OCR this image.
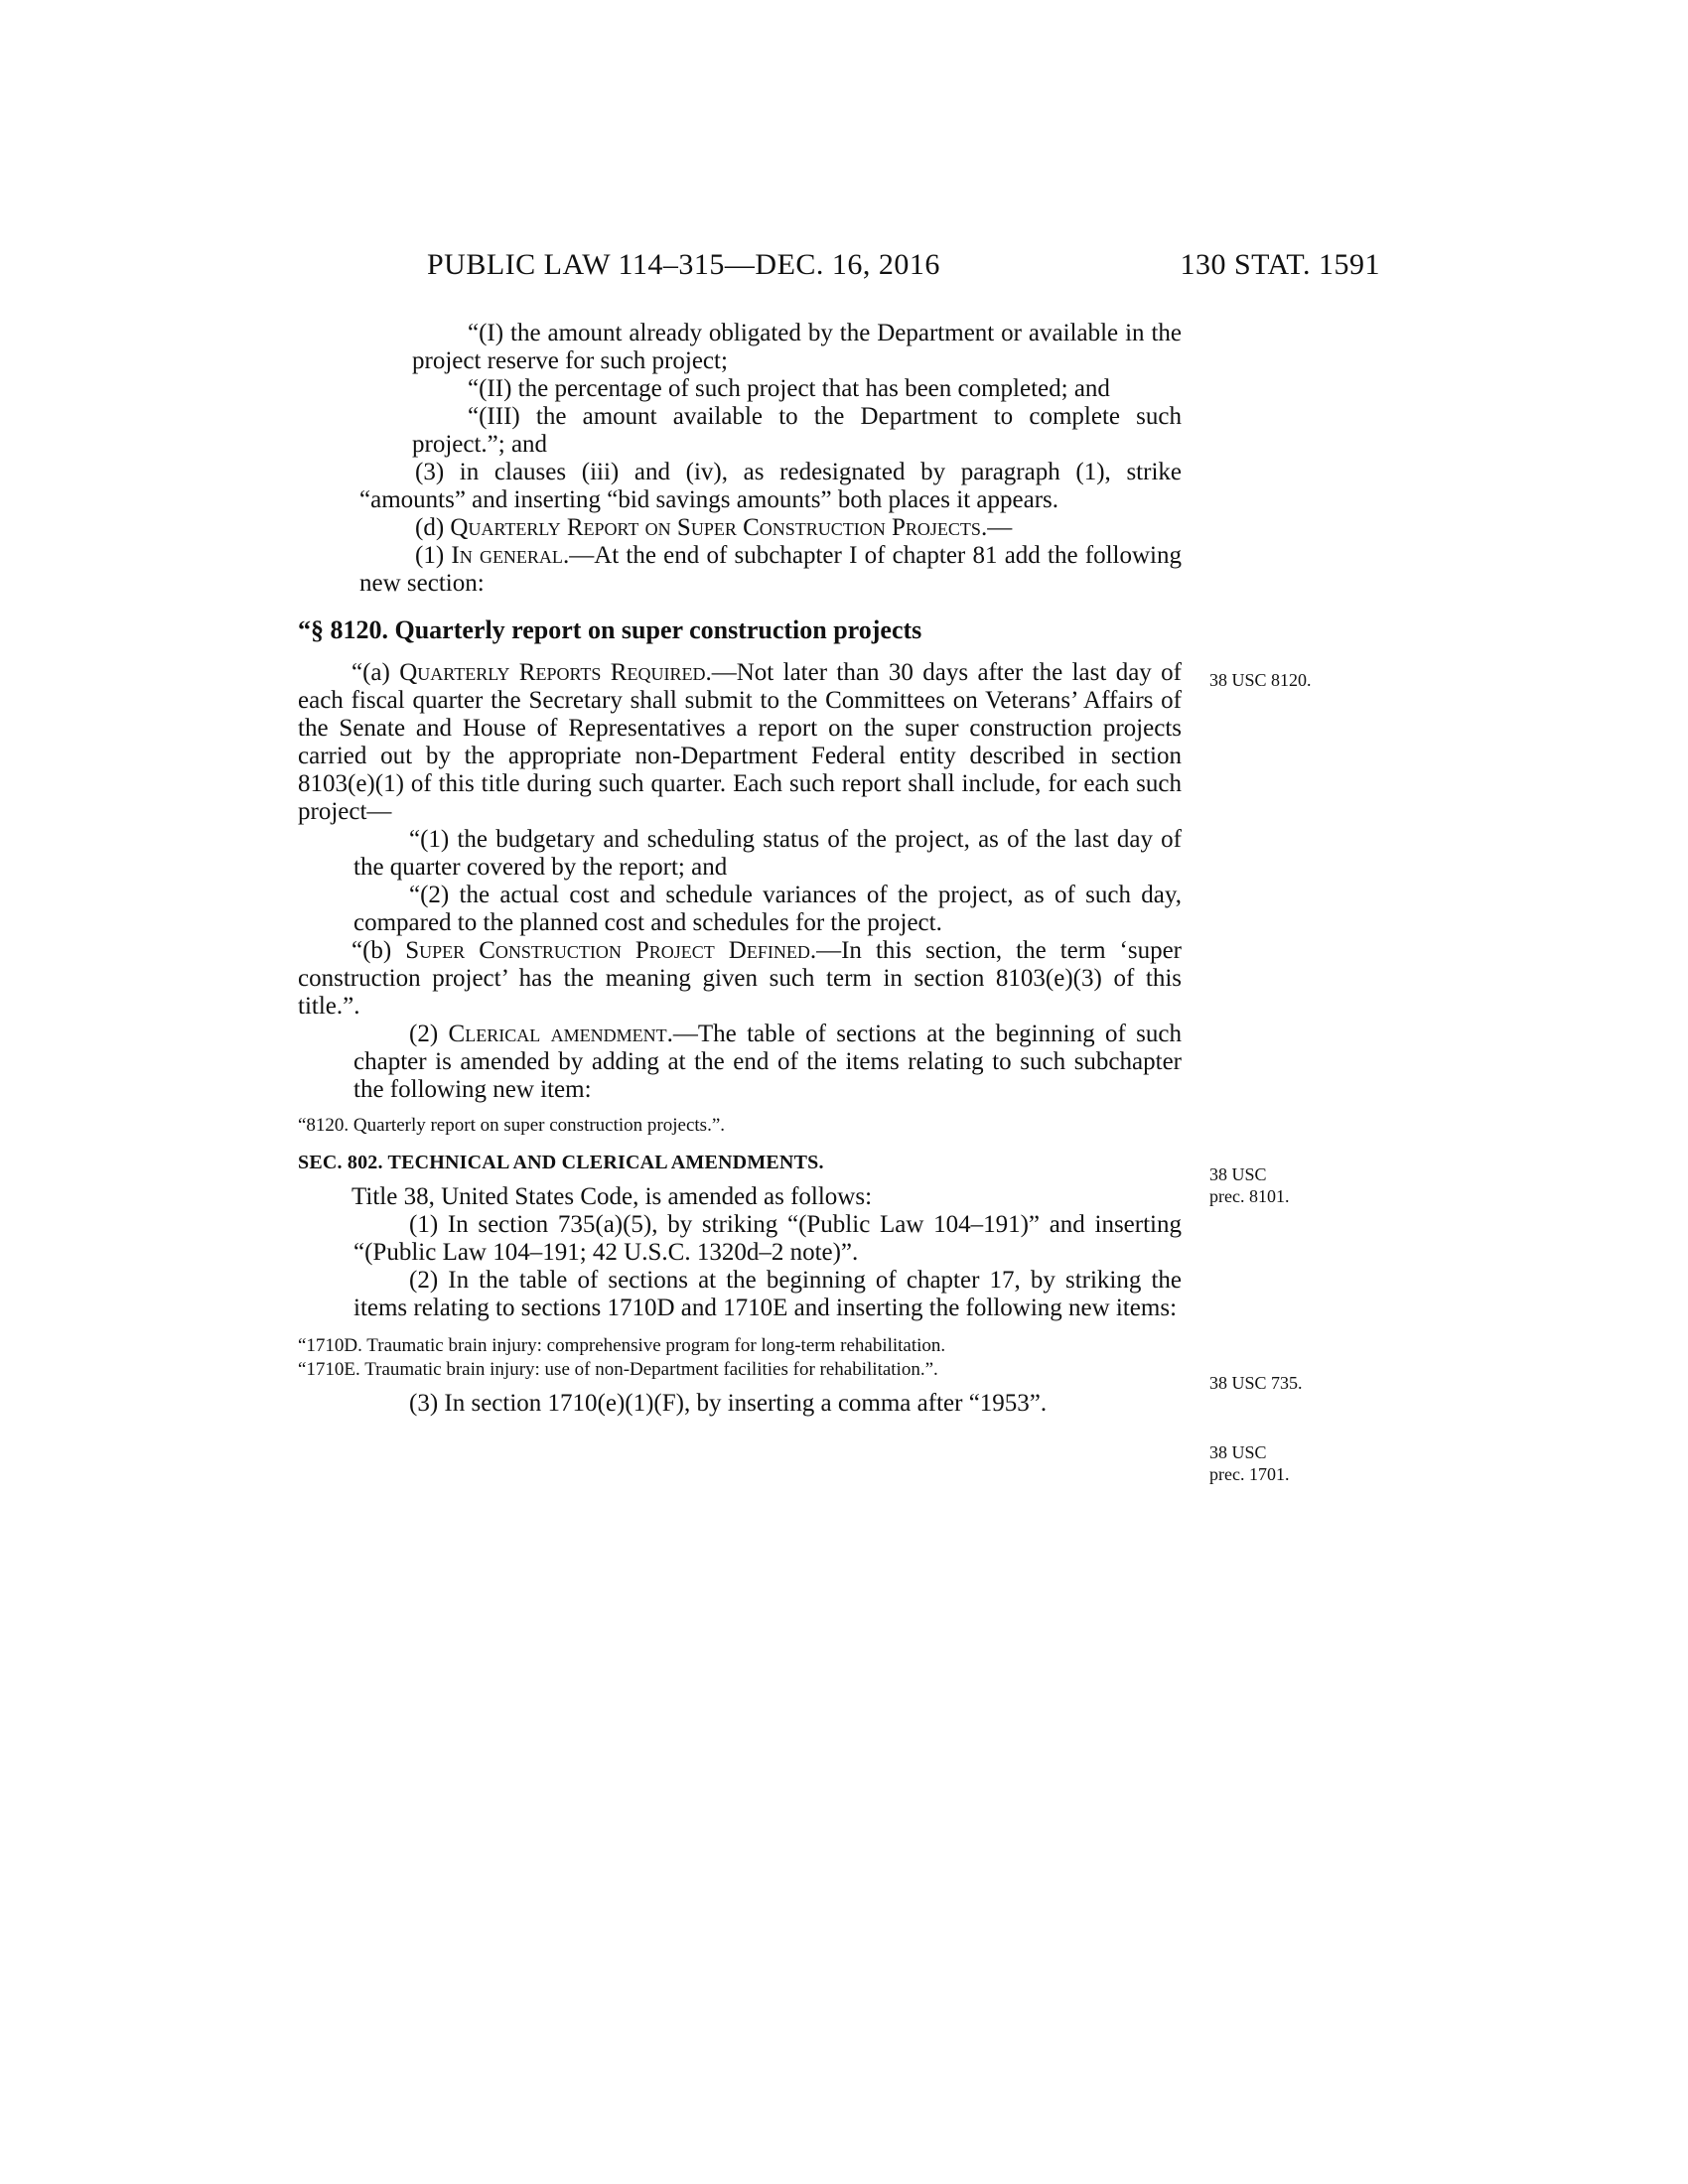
PUBLIC LAW 114–315—DEC. 16, 2016	130 STAT. 1591

“(I) the amount already obligated by the Department or available in the project reserve for such project;

“(II) the percentage of such project that has been completed; and

“(III) the amount available to the Department to complete such project.”; and

(3) in clauses (iii) and (iv), as redesignated by paragraph (1), strike “amounts” and inserting “bid savings amounts” both places it appears.

(d) Quarterly Report on Super Construction Projects.—

(1) In general.—At the end of subchapter I of chapter 81 add the following new section:

“§ 8120. Quarterly report on super construction projects

“(a) Quarterly Reports Required.—Not later than 30 days after the last day of each fiscal quarter the Secretary shall submit to the Committees on Veterans’ Affairs of the Senate and House of Representatives a report on the super construction projects carried out by the appropriate non-Department Federal entity described in section 8103(e)(1) of this title during such quarter. Each such report shall include, for each such project—

“(1) the budgetary and scheduling status of the project, as of the last day of the quarter covered by the report; and

“(2) the actual cost and schedule variances of the project, as of such day, compared to the planned cost and schedules for the project.

“(b) Super Construction Project Defined.—In this section, the term ‘super construction project’ has the meaning given such term in section 8103(e)(3) of this title.”.

(2) Clerical amendment.—The table of sections at the beginning of such chapter is amended by adding at the end of the items relating to such subchapter the following new item:

“8120. Quarterly report on super construction projects.”.
SEC. 802. TECHNICAL AND CLERICAL AMENDMENTS.

Title 38, United States Code, is amended as follows:

(1) In section 735(a)(5), by striking “(Public Law 104–191)” and inserting “(Public Law 104–191; 42 U.S.C. 1320d–2 note)”.

(2) In the table of sections at the beginning of chapter 17, by striking the items relating to sections 1710D and 1710E and inserting the following new items:

“1710D. Traumatic brain injury: comprehensive program for long-term rehabilitation.
“1710E. Traumatic brain injury: use of non-Department facilities for rehabilitation.”.

(3) In section 1710(e)(1)(F), by inserting a comma after “1953”.

38 USC 8120.
38 USC
prec. 8101.
38 USC 735.
38 USC
prec. 1701.
